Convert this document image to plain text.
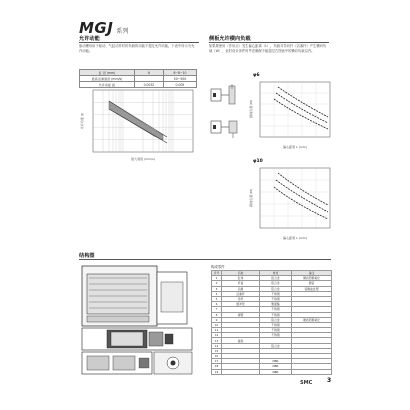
MGJ 系列
允许动能
驱动螺母用于驱动、气缸动作时的负载的动能不超过允许动能。下表中所示为允许动能。
缸 径 (mm)	6	6~8~10
最高活塞速度 (mm/s)		50~500
允许动能 (J)	0.0032	0.005
允许动能 (J)
最大速度 (mm/s)
侧板允许横向负载
如果要使用（作用点）发生偏心距离（L），负载对导向杆（活塞杆）产生横向负载（W），此时设计条件时考虑确保不能超过右图表中的横向负载以内。
φ6
横向负载 (N)
偏心距离 L (mm)
φ10
横向负载 (N)
偏心距离 L (mm)
结构图
构成零件
序号	名称	材质	备注
1	缸体	铝合金	硬质阳极氧化
2	杆盖	铝合金	镀铬
3	活塞	铝合金	铬酸盐处理
4	活塞杆	不锈钢	
5	导杆	不锈钢	
6	缓冲垫	聚氨酯	
7		不锈钢	
8	弹簧	不锈钢	
9		铝合金	硬质阳极氧化
10		不锈钢	
11		不锈钢	
12		不锈钢	
13	磁铁		
14		铝合金	
15			
16			
17		NBR	
18		NBR	
19		NBR	
SMC 3
